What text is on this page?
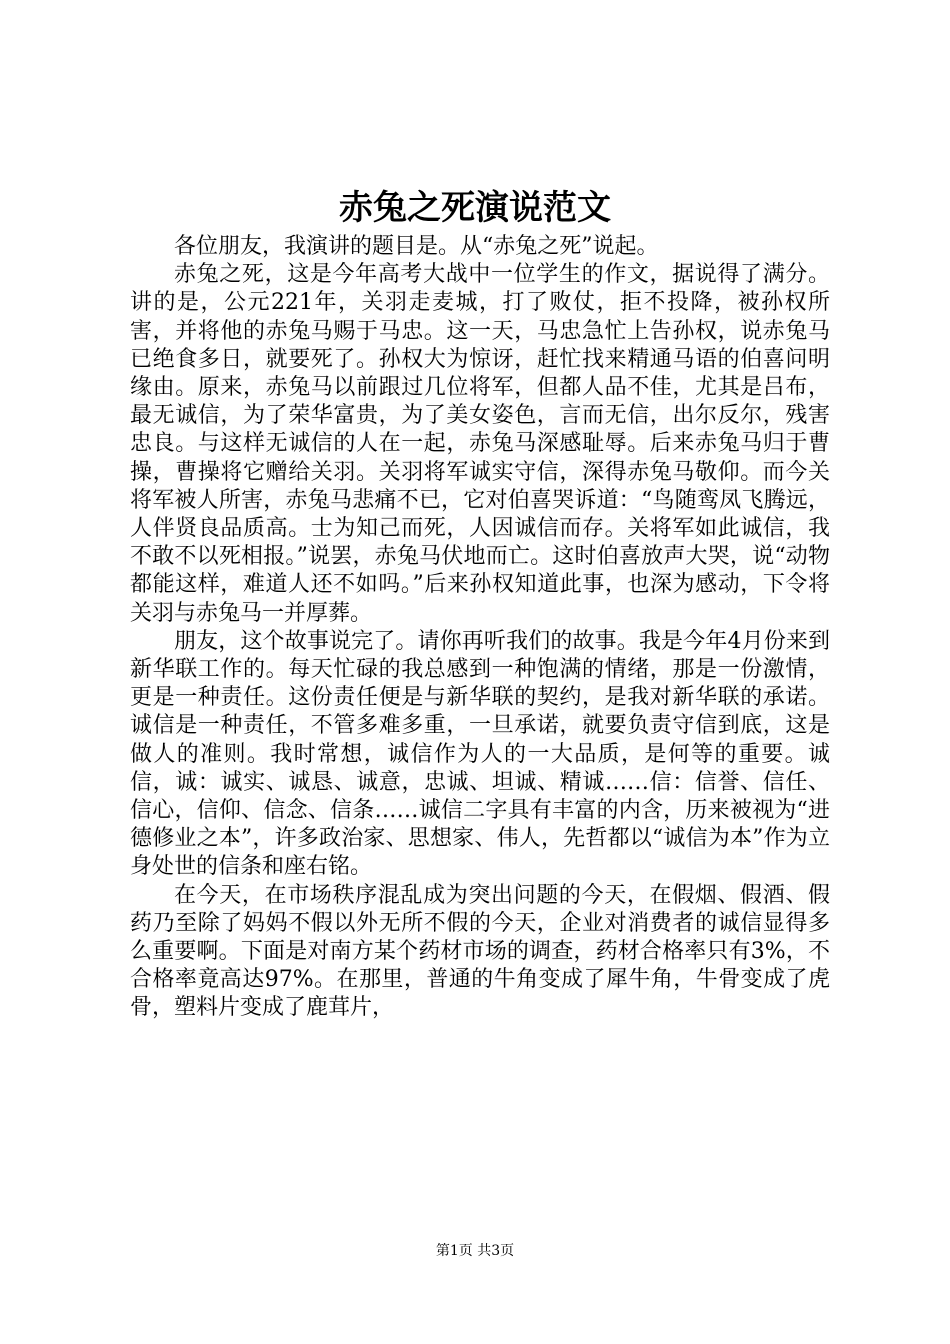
赤兔之死演说范文

各位朋友，我演讲的题目是。从“赤兔之死”说起。

赤兔之死，这是今年高考大战中一位学生的作文，据说得了满分。讲的是，公元221年，关羽走麦城，打了败仗，拒不投降，被孙权所害，并将他的赤兔马赐于马忠。这一天，马忠急忙上告孙权，说赤兔马已绝食多日，就要死了。孙权大为惊讶，赶忙找来精通马语的伯喜问明缘由。原来，赤兔马以前跟过几位将军，但都人品不佳，尤其是吕布，最无诚信，为了荣华富贵，为了美女姿色，言而无信，出尔反尔，残害忠良。与这样无诚信的人在一起，赤兔马深感耻辱。后来赤兔马归于曹操，曹操将它赠给关羽。关羽将军诚实守信，深得赤兔马敬仰。而今关将军被人所害，赤兔马悲痛不已，它对伯喜哭诉道：“鸟随鸾凤飞腾远，人伴贤良品质高。士为知己而死，人因诚信而存。关将军如此诚信，我不敢不以死相报。”说罢，赤兔马伏地而亡。这时伯喜放声大哭，说“动物都能这样，难道人还不如吗。”后来孙权知道此事，也深为感动，下令将关羽与赤兔马一并厚葬。

朋友，这个故事说完了。请你再听我们的故事。我是今年4月份来到新华联工作的。每天忙碌的我总感到一种饱满的情绪，那是一份激情，更是一种责任。这份责任便是与新华联的契约，是我对新华联的承诺。诚信是一种责任，不管多难多重，一旦承诺，就要负责守信到底，这是做人的准则。我时常想，诚信作为人的一大品质，是何等的重要。诚信，诚：诚实、诚恳、诚意，忠诚、坦诚、精诚……信：信誉、信任、信心，信仰、信念、信条……诚信二字具有丰富的内含，历来被视为“进德修业之本”，许多政治家、思想家、伟人，先哲都以“诚信为本”作为立身处世的信条和座右铭。

在今天，在市场秩序混乱成为突出问题的今天，在假烟、假酒、假药乃至除了妈妈不假以外无所不假的今天，企业对消费者的诚信显得多么重要啊。下面是对南方某个药材市场的调查，药材合格率只有3%，不合格率竟高达97%。在那里，普通的牛角变成了犀牛角，牛骨变成了虎骨，塑料片变成了鹿茸片，

第1页 共3页
